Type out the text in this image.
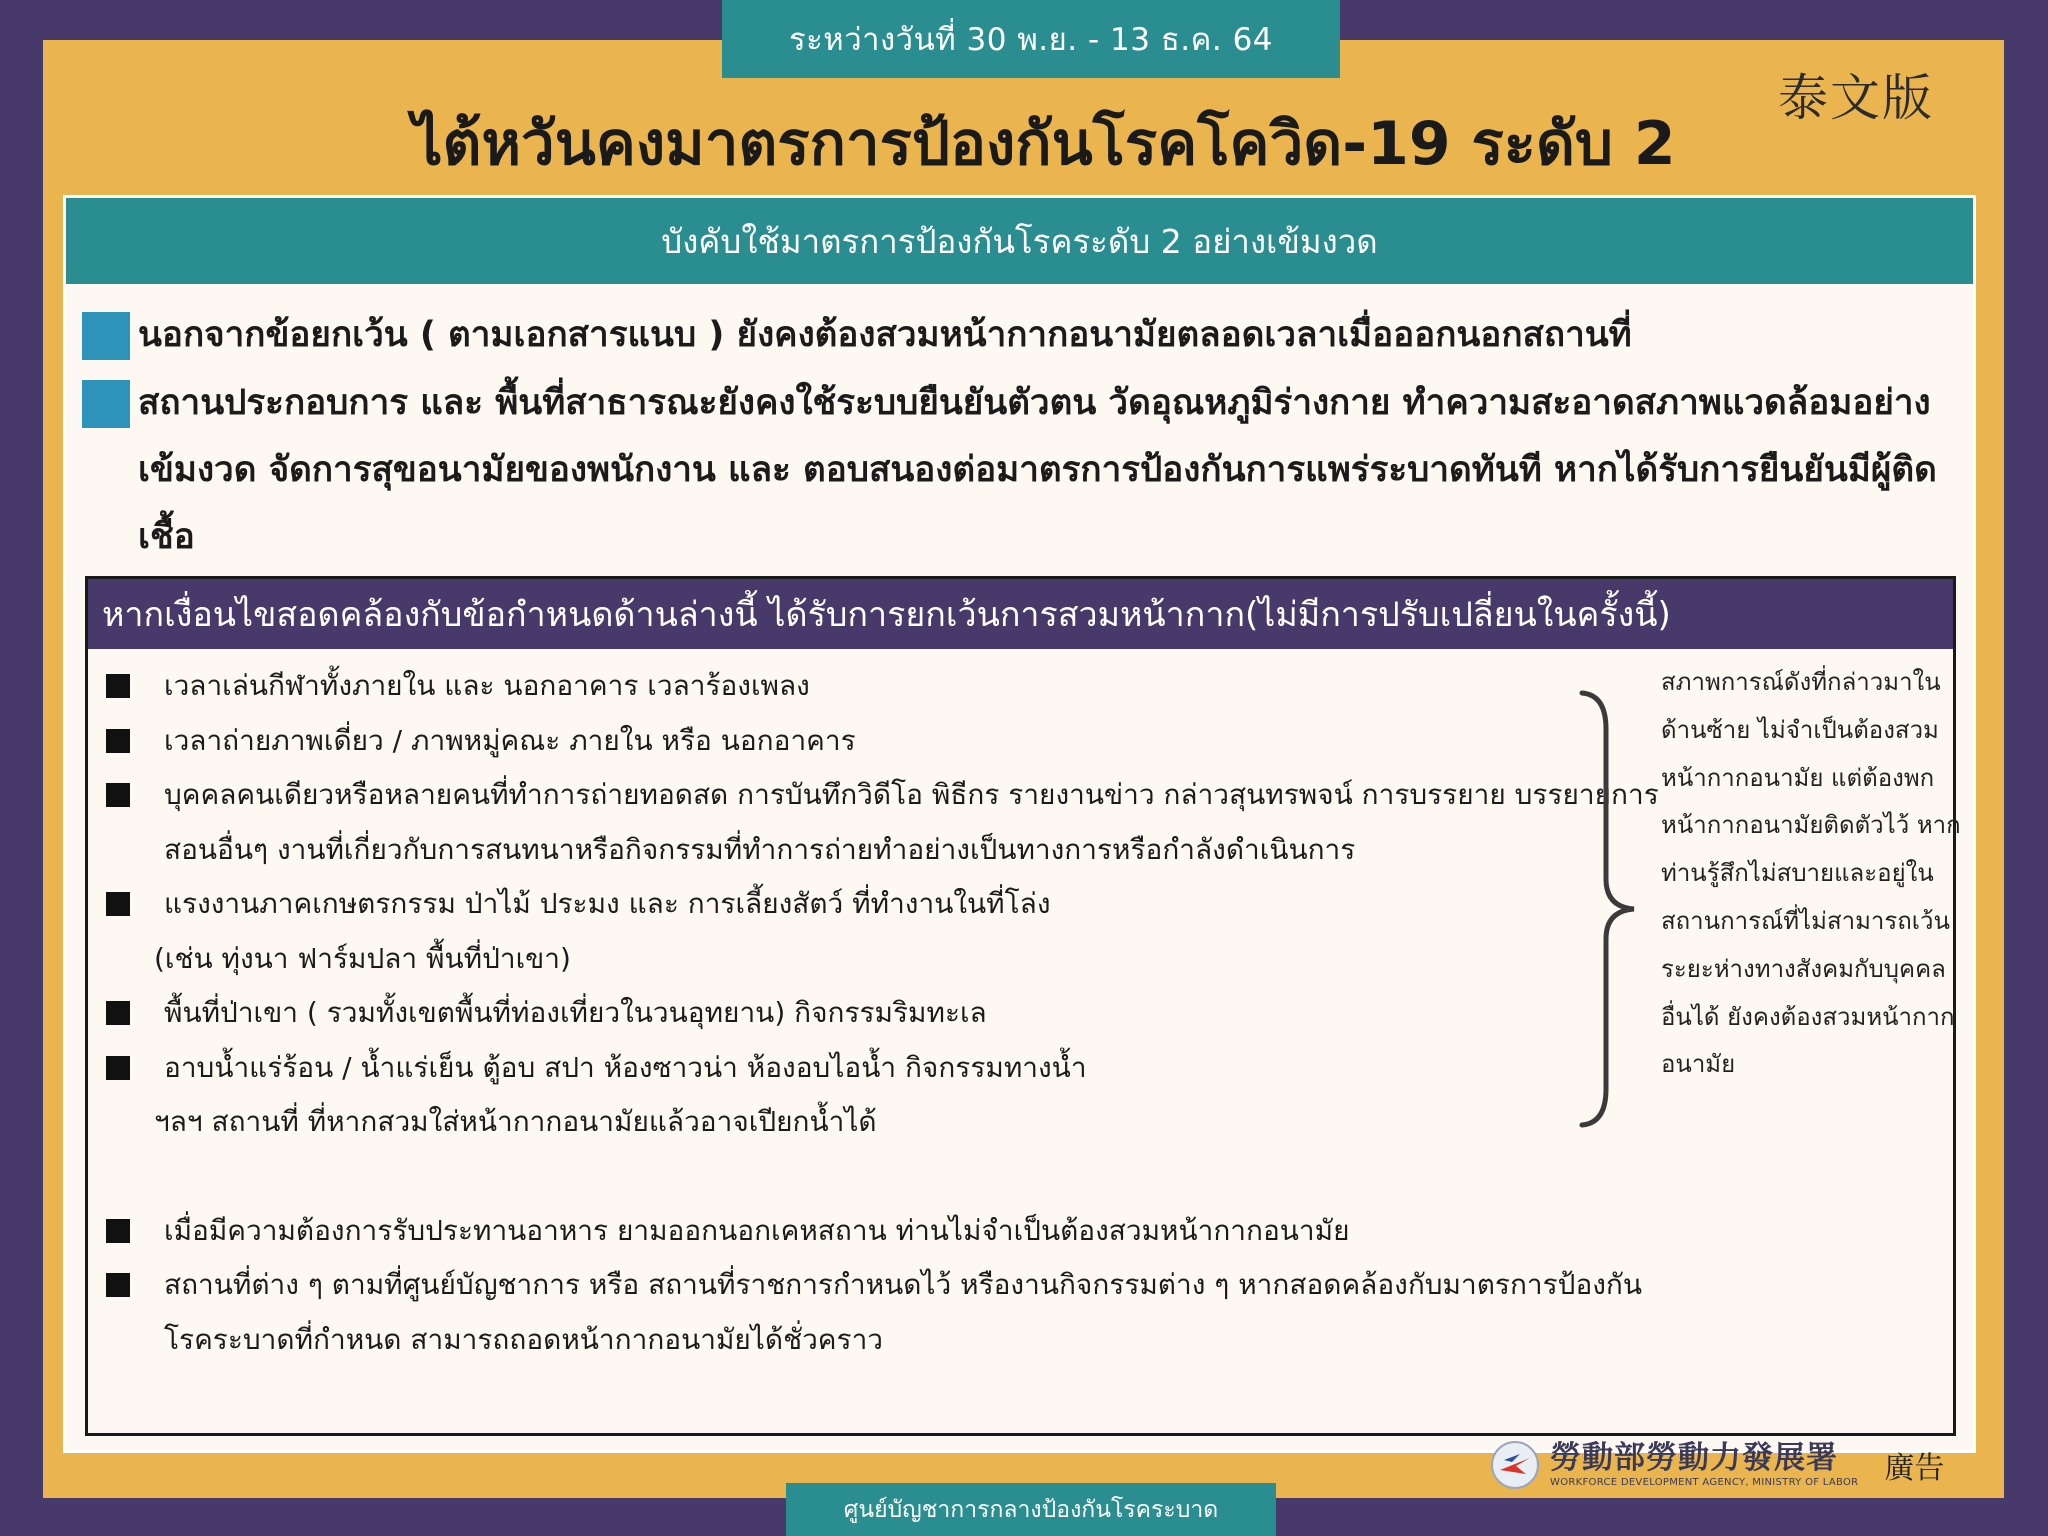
ระหว่างวันที่ 30 พ.ย. - 13 ธ.ค. 64
泰文版
ไต้หวันคงมาตรการป้องกันโรคโควิด-19 ระดับ 2
บังคับใช้มาตรการป้องกันโรคระดับ 2 อย่างเข้มงวด
นอกจากข้อยกเว้น ( ตามเอกสารแนบ ) ยังคงต้องสวมหน้ากากอนามัยตลอดเวลาเมื่อออกนอกสถานที่
สถานประกอบการ และ พื้นที่สาธารณะยังคงใช้ระบบยืนยันตัวตน วัดอุณหภูมิร่างกาย ทำความสะอาดสภาพแวดล้อมอย่างเข้มงวด จัดการสุขอนามัยของพนักงาน และ ตอบสนองต่อมาตรการป้องกันการแพร่ระบาดทันที หากได้รับการยืนยันมีผู้ติดเชื้อ
หากเงื่อนไขสอดคล้องกับข้อกำหนดด้านล่างนี้ ได้รับการยกเว้นการสวมหน้ากาก(ไม่มีการปรับเปลี่ยนในครั้งนี้)
เวลาเล่นกีฬาทั้งภายใน และ นอกอาคาร เวลาร้องเพลง
เวลาถ่ายภาพเดี่ยว / ภาพหมู่คณะ ภายใน หรือ นอกอาคาร
บุคคลคนเดียวหรือหลายคนที่ทำการถ่ายทอดสด การบันทึกวิดีโอ พิธีกร รายงานข่าว กล่าวสุนทรพจน์ การบรรยาย บรรยายการสอนอื่นๆ งานที่เกี่ยวกับการสนทนาหรือกิจกรรมที่ทำการถ่ายทำอย่างเป็นทางการหรือกำลังดำเนินการ
แรงงานภาคเกษตรกรรม ป่าไม้ ประมง และ การเลี้ยงสัตว์ ที่ทำงานในที่โล่ง
(เช่น ทุ่งนา ฟาร์มปลา พื้นที่ป่าเขา)
พื้นที่ป่าเขา ( รวมทั้งเขตพื้นที่ท่องเที่ยวในวนอุทยาน) กิจกรรมริมทะเล
อาบน้ำแร่ร้อน / น้ำแร่เย็น ตู้อบ สปา ห้องซาวน่า ห้องอบไอน้ำ กิจกรรมทางน้ำ
ฯลฯ สถานที่ ที่หากสวมใส่หน้ากากอนามัยแล้วอาจเปียกน้ำได้
เมื่อมีความต้องการรับประทานอาหาร ยามออกนอกเคหสถาน ท่านไม่จำเป็นต้องสวมหน้ากากอนามัย
สถานที่ต่าง ๆ ตามที่ศูนย์บัญชาการ หรือ สถานที่ราชการกำหนดไว้ หรืองานกิจกรรมต่าง ๆ หากสอดคล้องกับมาตรการป้องกันโรคระบาดที่กำหนด สามารถถอดหน้ากากอนามัยได้ชั่วคราว
สภาพการณ์ดังที่กล่าวมาในด้านซ้าย ไม่จำเป็นต้องสวมหน้ากากอนามัย แต่ต้องพกหน้ากากอนามัยติดตัวไว้ หากท่านรู้สึกไม่สบายและอยู่ในสถานการณ์ที่ไม่สามารถเว้นระยะห่างทางสังคมกับบุคคลอื่นได้ ยังคงต้องสวมหน้ากากอนามัย
勞動部勞動力發展署
WORKFORCE DEVELOPMENT AGENCY, MINISTRY OF LABOR 廣告
ศูนย์บัญชาการกลางป้องกันโรคระบาด
